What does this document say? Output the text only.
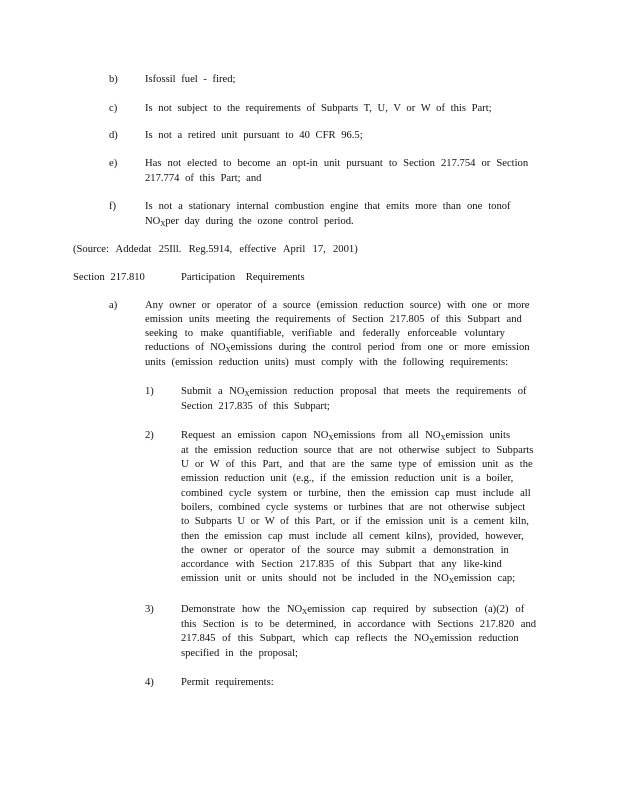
b)	Isfossil fuel - fired;
c)	Is not subject to the requirements of Subparts T, U, V or W of this Part;
d)	Is not a retired unit pursuant to 40 CFR 96.5;
e)	Has not elected to become an opt-in unit pursuant to Section 217.754 or Section
217.774 of this Part; and
f)	Is not a stationary internal combustion engine that emits more than one tonof
$NO_Xper$ day during the ozone control period.
(Source: Addedat 25Ill. Reg.5914, effective April 17, 2001)
Section 217.810	Participation Requirements
a)	Any owner or operator of a source (emission reduction source) with one or more
emission units meeting the requirements of Section 217.805 of this Subpart and
seeking to make quantifiable, verifiable and federally enforceable voluntary
reductions of $NO_Xemissions$ during the control period from one or more emission
units (emission reduction units) must comply with the following requirements:
1)	Submit a $NO_Xemission$ reduction proposal that meets the requirements of
Section 217.835 of this Subpart;
2)	Request an emission capon $NO_Xemissions$ from all $NO_Xemission$ units
at the emission reduction source that are not otherwise subject to Subparts
U or W of this Part, and that are the same type of emission unit as the
emission reduction unit (e.g., if the emission reduction unit is a boiler,
combined cycle system or turbine, then the emission cap must include all
boilers, combined cycle systems or turbines that are not otherwise subject
to Subparts U or W of this Part, or if the emission unit is a cement kiln,
then the emission cap must include all cement kilns), provided, however,
the owner or operator of the source may submit a demonstration in
accordance with Section 217.835 of this Subpart that any like-kind
emission unit or units should not be included in the $NO_Xemission$ cap;
3)	Demonstrate how the $NO_Xemission$ cap required by subsection (a)(2) of
this Section is to be determined, in accordance with Sections 217.820 and
217.845 of this Subpart, which cap reflects the $NO_Xemission$ reduction
specified in the proposal;
4)	Permit requirements:
